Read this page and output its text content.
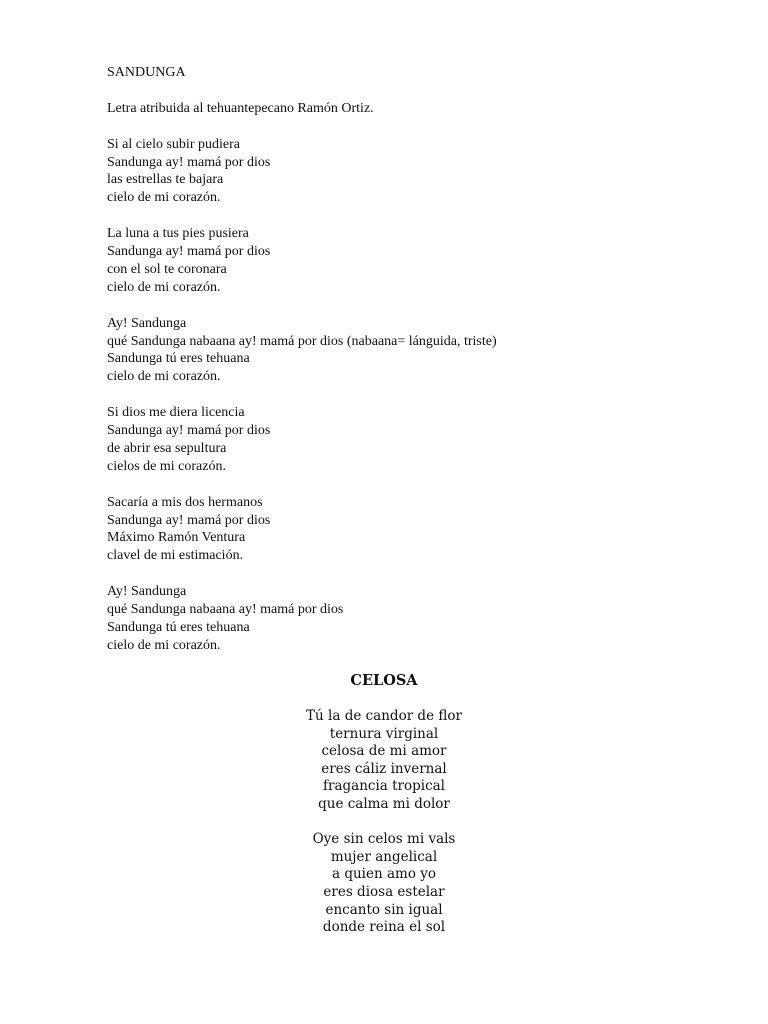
SANDUNGA
Letra atribuida al tehuantepecano Ramón Ortiz.
Si al cielo subir pudiera
Sandunga ay! mamá por dios
las estrellas te bajara
cielo de mi corazón.
La luna a tus pies pusiera
Sandunga ay! mamá por dios
con el sol te coronara
cielo de mi corazón.
Ay! Sandunga
qué Sandunga nabaana ay! mamá por dios (nabaana= lánguida, triste)
Sandunga tú eres tehuana
cielo de mi corazón.
Si dios me diera licencia
Sandunga ay! mamá por dios
de abrir esa sepultura
cielos de mi corazón.
Sacaría a mis dos hermanos
Sandunga ay! mamá por dios
Máximo Ramón Ventura
clavel de mi estimación.
Ay! Sandunga
qué Sandunga nabaana ay! mamá por dios
Sandunga tú eres tehuana
cielo de mi corazón.
CELOSA
Tú la de candor de flor
ternura virginal
celosa de mi amor
eres cáliz invernal
fragancia tropical
que calma mi dolor
Oye sin celos mi vals
mujer angelical
a quien amo yo
eres diosa estelar
encanto sin igual
donde reina el sol
